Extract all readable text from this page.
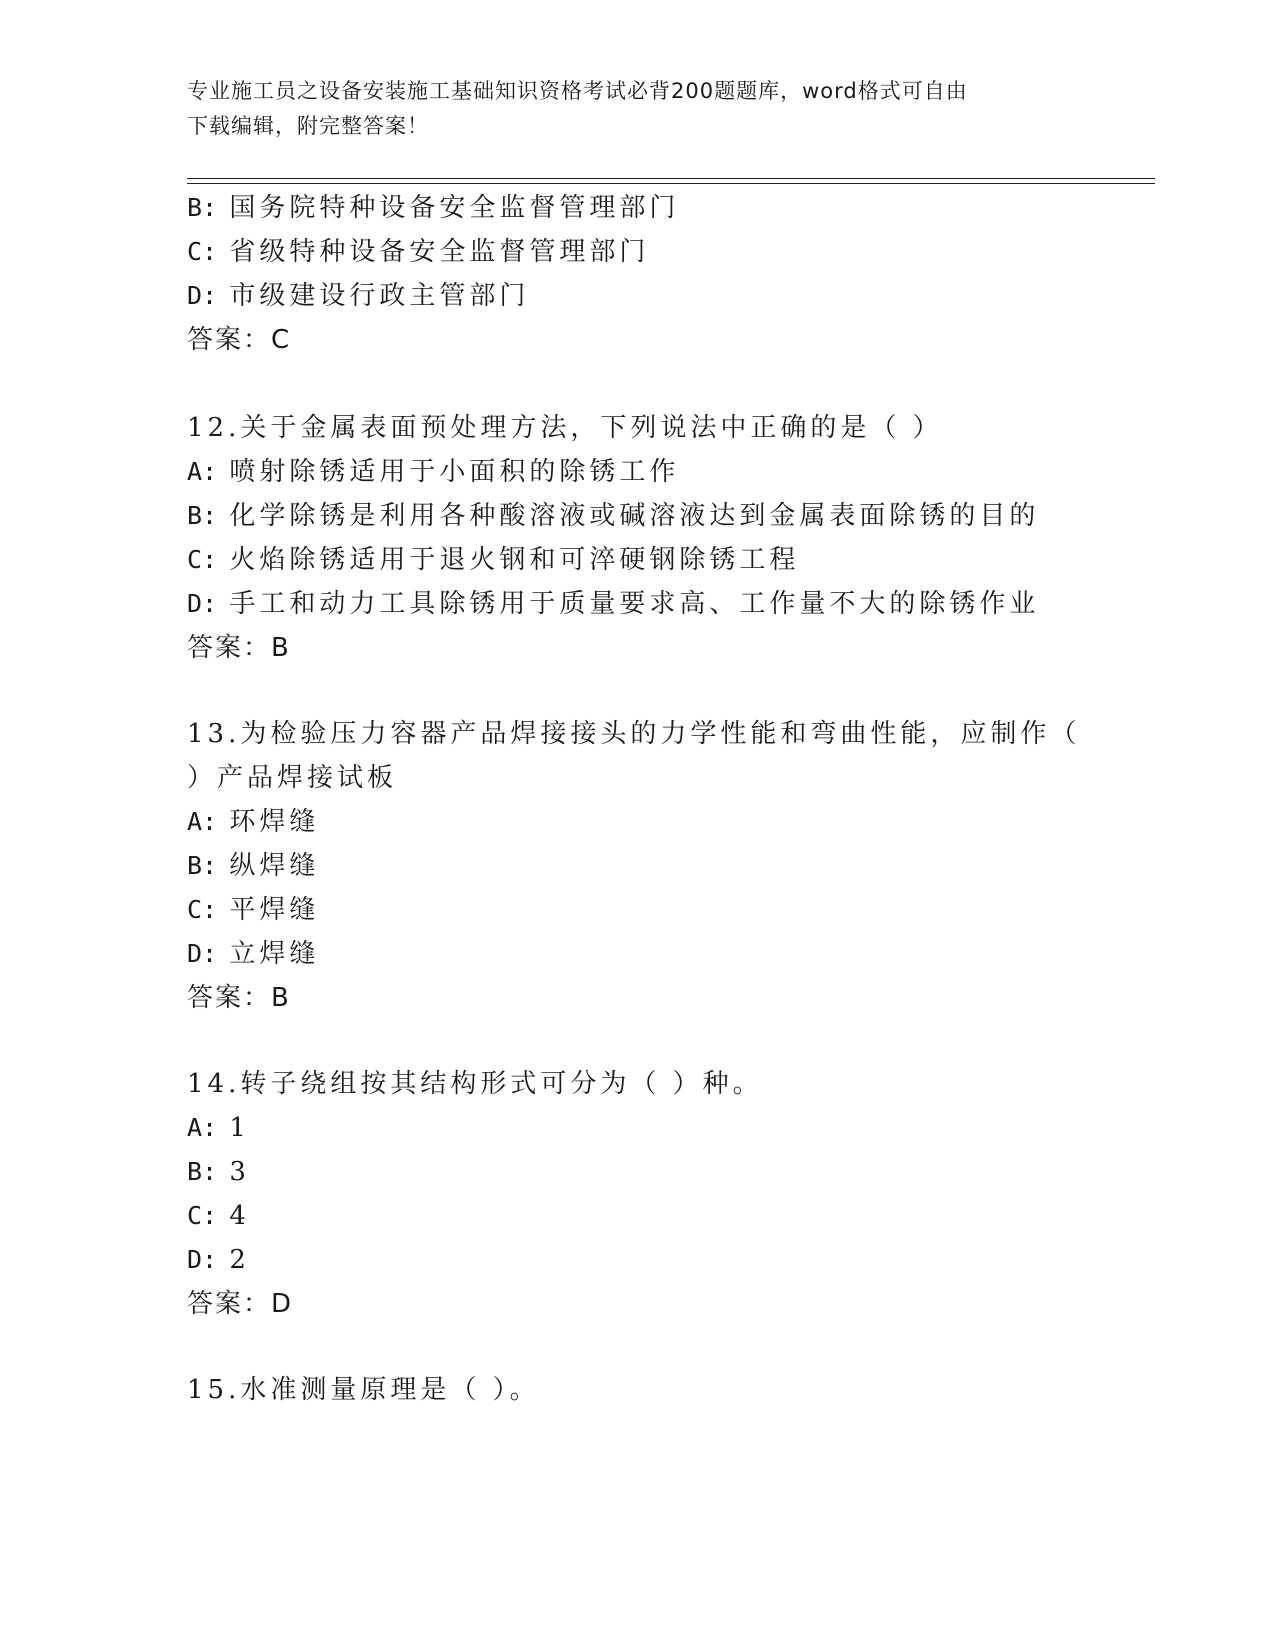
专业施工员之设备安装施工基础知识资格考试必背200题题库，word格式可自由
下载编辑，附完整答案！
B: 国务院特种设备安全监督管理部门
C: 省级特种设备安全监督管理部门
D: 市级建设行政主管部门
答案：C
12.关于金属表面预处理方法，下列说法中正确的是（ ）
A: 喷射除锈适用于小面积的除锈工作
B: 化学除锈是利用各种酸溶液或碱溶液达到金属表面除锈的目的
C: 火焰除锈适用于退火钢和可淬硬钢除锈工程
D: 手工和动力工具除锈用于质量要求高、工作量不大的除锈作业
答案：B
13.为检验压力容器产品焊接接头的力学性能和弯曲性能，应制作（
）产品焊接试板
A: 环焊缝
B: 纵焊缝
C: 平焊缝
D: 立焊缝
答案：B
14.转子绕组按其结构形式可分为（ ）种。
A: 1
B: 3
C: 4
D: 2
答案：D
15.水准测量原理是（ ）。
